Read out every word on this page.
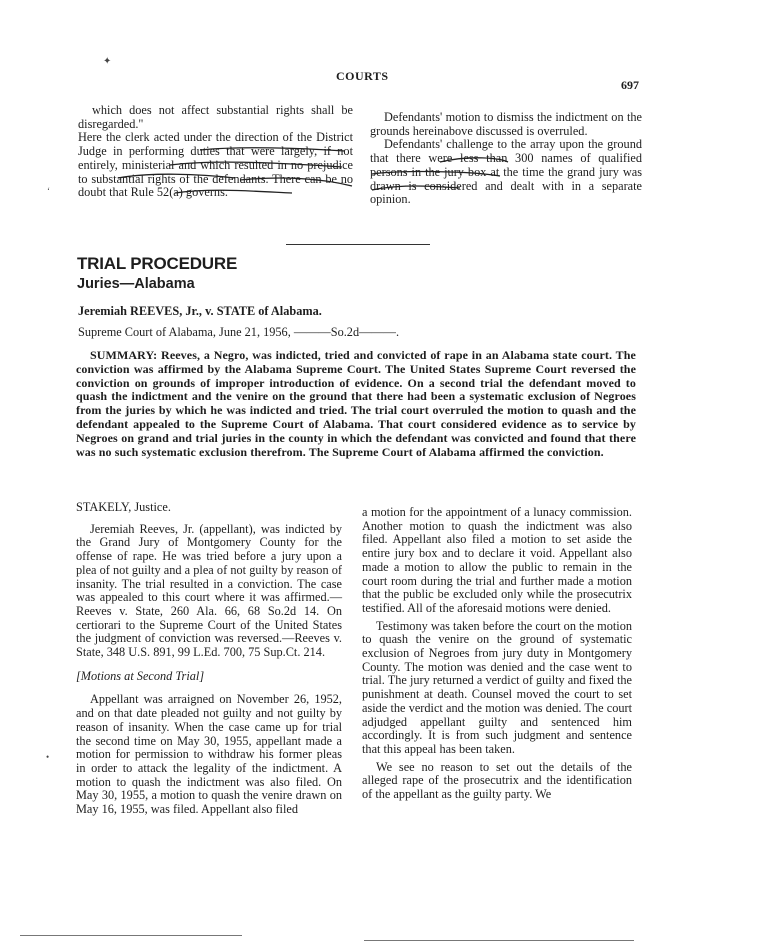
✦
ʻ
•
COURTS
697

which does not affect substantial rights shall be disregarded."

Here the clerk acted under the direction of the District Judge in performing duties that were largely, if not entirely, ministerial and which resulted in no prejudice to substantial rights of the defendants. There can be no doubt that Rule 52(a) governs.

Defendants' motion to dismiss the indictment on the grounds hereinabove discussed is overruled.

Defendants' challenge to the array upon the ground that there were less than 300 names of qualified persons in the jury box at the time the grand jury was drawn is considered and dealt with in a separate opinion.

TRIAL PROCEDURE
Juries—Alabama
Jeremiah REEVES, Jr., v. STATE of Alabama.
Supreme Court of Alabama, June 21, 1956, ———So.2d———.

SUMMARY: Reeves, a Negro, was indicted, tried and convicted of rape in an Alabama state court. The conviction was affirmed by the Alabama Supreme Court. The United States Supreme Court reversed the conviction on grounds of improper introduction of evidence. On a second trial the defendant moved to quash the indictment and the venire on the ground that there had been a systematic exclusion of Negroes from the juries by which he was indicted and tried. The trial court overruled the motion to quash and the defendant appealed to the Supreme Court of Alabama. That court considered evidence as to service by Negroes on grand and trial juries in the county in which the defendant was convicted and found that there was no such systematic exclusion therefrom. The Supreme Court of Alabama affirmed the conviction.

STAKELY, Justice.

Jeremiah Reeves, Jr. (appellant), was indicted by the Grand Jury of Montgomery County for the offense of rape. He was tried before a jury upon a plea of not guilty and a plea of not guilty by reason of insanity. The trial resulted in a conviction. The case was appealed to this court where it was affirmed.—Reeves v. State, 260 Ala. 66, 68 So.2d 14. On certiorari to the Supreme Court of the United States the judgment of conviction was reversed.—Reeves v. State, 348 U.S. 891, 99 L.Ed. 700, 75 Sup.Ct. 214.

[Motions at Second Trial]

Appellant was arraigned on November 26, 1952, and on that date pleaded not guilty and not guilty by reason of insanity. When the case came up for trial the second time on May 30, 1955, appellant made a motion for permission to withdraw his former pleas in order to attack the legality of the indictment. A motion to quash the indictment was also filed. On May 30, 1955, a motion to quash the venire drawn on May 16, 1955, was filed. Appellant also filed

a motion for the appointment of a lunacy commission. Another motion to quash the indictment was also filed. Appellant also filed a motion to set aside the entire jury box and to declare it void. Appellant also made a motion to allow the public to remain in the court room during the trial and further made a motion that the public be excluded only while the prosecutrix testified. All of the aforesaid motions were denied.

Testimony was taken before the court on the motion to quash the venire on the ground of systematic exclusion of Negroes from jury duty in Montgomery County. The motion was denied and the case went to trial. The jury returned a verdict of guilty and fixed the punishment at death. Counsel moved the court to set aside the verdict and the motion was denied. The court adjudged appellant guilty and sentenced him accordingly. It is from such judgment and sentence that this appeal has been taken.

We see no reason to set out the details of the alleged rape of the prosecutrix and the identification of the appellant as the guilty party. We
